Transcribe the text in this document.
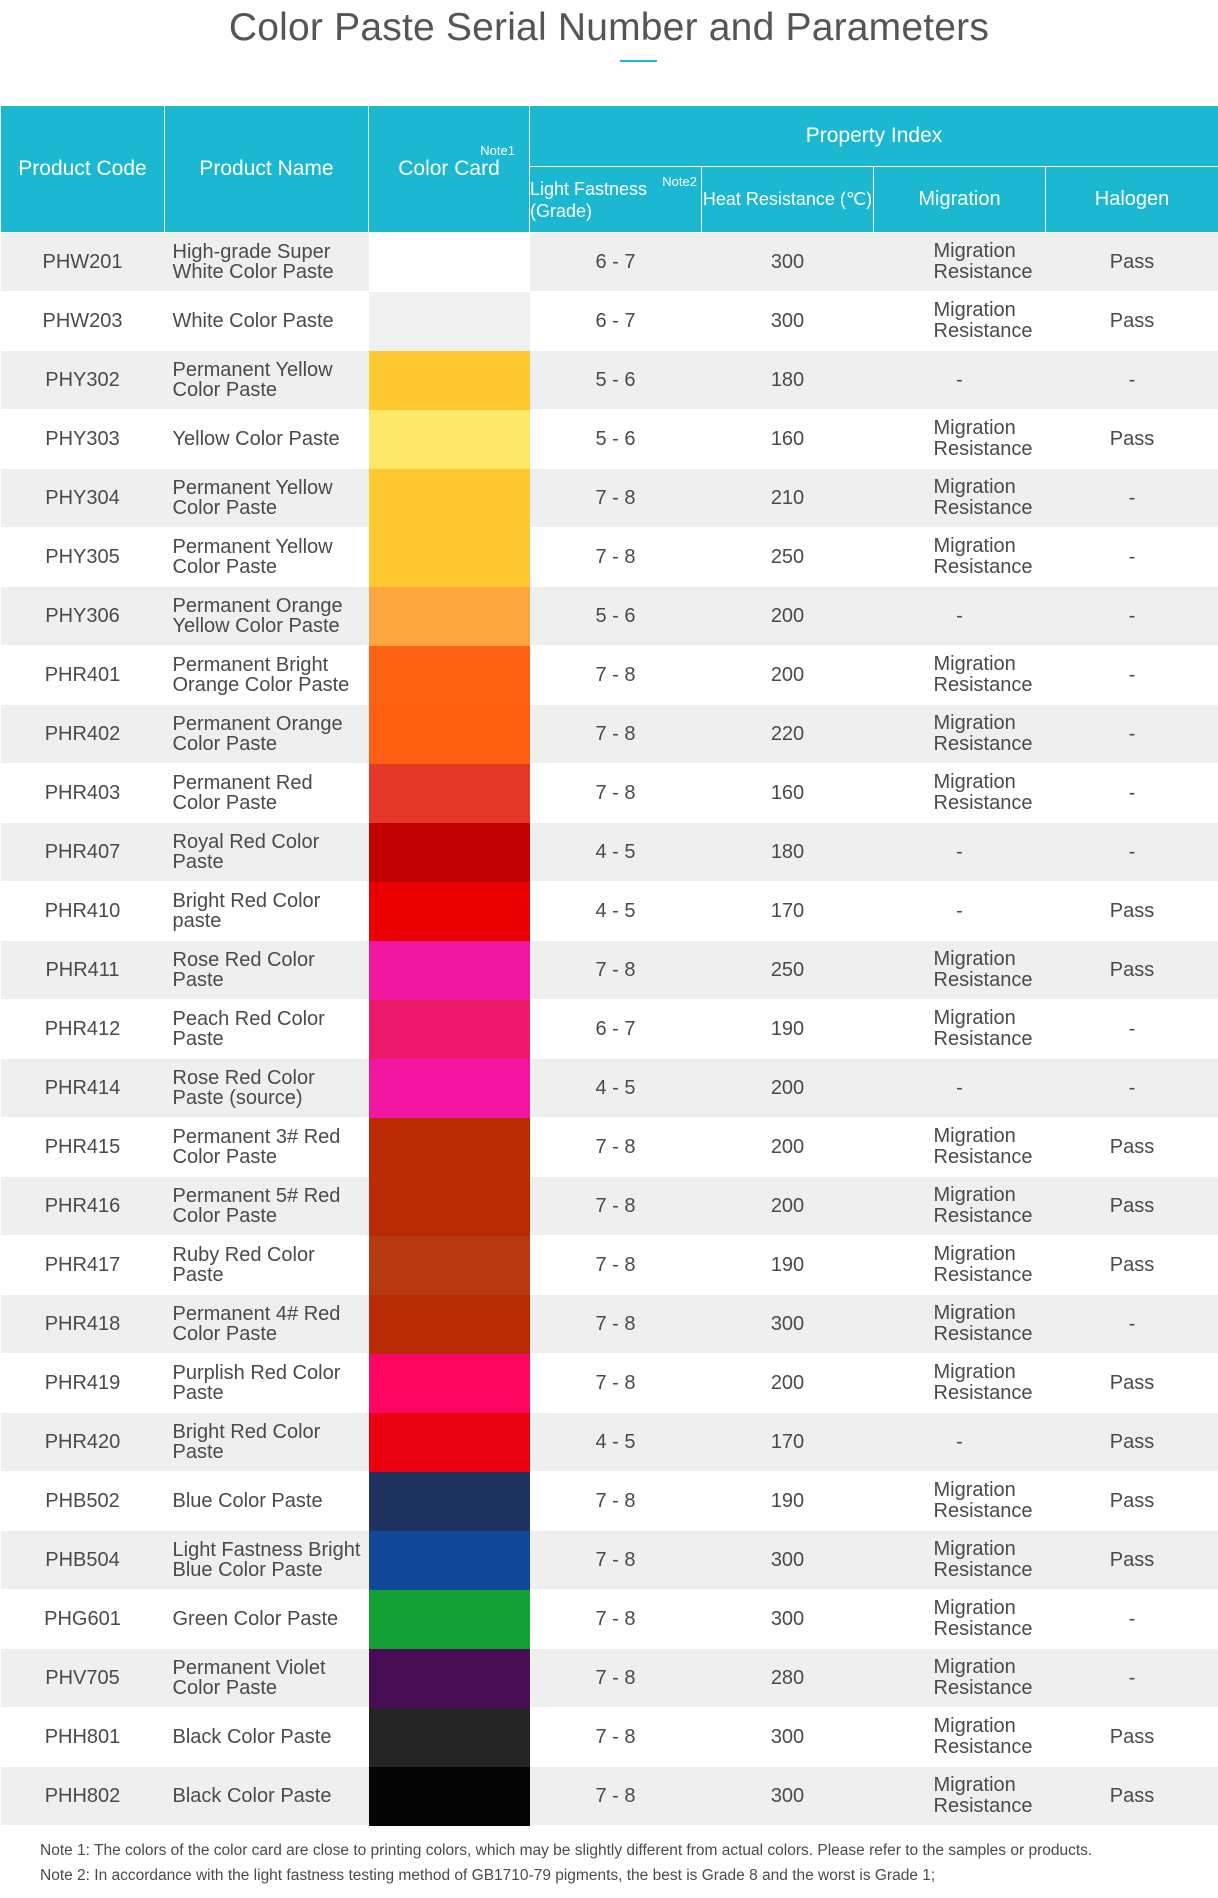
Color Paste Serial Number and Parameters
Product Code	Product Name	Color Card
Note1	Property Index			
			Light Fastness
(Grade)
Note2	Heat Resistance (℃)	Migration	Halogen
PHW201	High-grade Super White Color Paste		6 - 7	300	Migration Resistance	Pass
PHW203	White Color Paste		6 - 7	300	Migration Resistance	Pass
PHY302	Permanent Yellow Color Paste		5 - 6	180	-	-
PHY303	Yellow Color Paste		5 - 6	160	Migration Resistance	Pass
PHY304	Permanent Yellow Color Paste		7 - 8	210	Migration Resistance	-
PHY305	Permanent Yellow Color Paste		7 - 8	250	Migration Resistance	-
PHY306	Permanent Orange Yellow Color Paste		5 - 6	200	-	-
PHR401	Permanent Bright Orange Color Paste		7 - 8	200	Migration Resistance	-
PHR402	Permanent Orange Color Paste		7 - 8	220	Migration Resistance	-
PHR403	Permanent Red Color Paste		7 - 8	160	Migration Resistance	-
PHR407	Royal Red Color Paste		4 - 5	180	-	-
PHR410	Bright Red Color paste		4 - 5	170	-	Pass
PHR411	Rose Red Color Paste		7 - 8	250	Migration Resistance	Pass
PHR412	Peach Red Color Paste		6 - 7	190	Migration Resistance	-
PHR414	Rose Red Color Paste (source)		4 - 5	200	-	-
PHR415	Permanent 3# Red Color Paste		7 - 8	200	Migration Resistance	Pass
PHR416	Permanent 5# Red Color Paste		7 - 8	200	Migration Resistance	Pass
PHR417	Ruby Red Color Paste		7 - 8	190	Migration Resistance	Pass
PHR418	Permanent 4# Red Color Paste		7 - 8	300	Migration Resistance	-
PHR419	Purplish Red Color Paste		7 - 8	200	Migration Resistance	Pass
PHR420	Bright Red Color Paste		4 - 5	170	-	Pass
PHB502	Blue Color Paste		7 - 8	190	Migration Resistance	Pass
PHB504	Light Fastness Bright Blue Color Paste		7 - 8	300	Migration Resistance	Pass
PHG601	Green Color Paste		7 - 8	300	Migration Resistance	-
PHV705	Permanent Violet Color Paste		7 - 8	280	Migration Resistance	-
PHH801	Black Color Paste		7 - 8	300	Migration Resistance	Pass
PHH802	Black Color Paste		7 - 8	300	Migration Resistance	Pass
Note 1: The colors of the color card are close to printing colors, which may be slightly different from actual colors. Please refer to the samples or products.
Note 2: In accordance with the light fastness testing method of GB1710-79 pigments, the best is Grade 8 and the worst is Grade 1;
